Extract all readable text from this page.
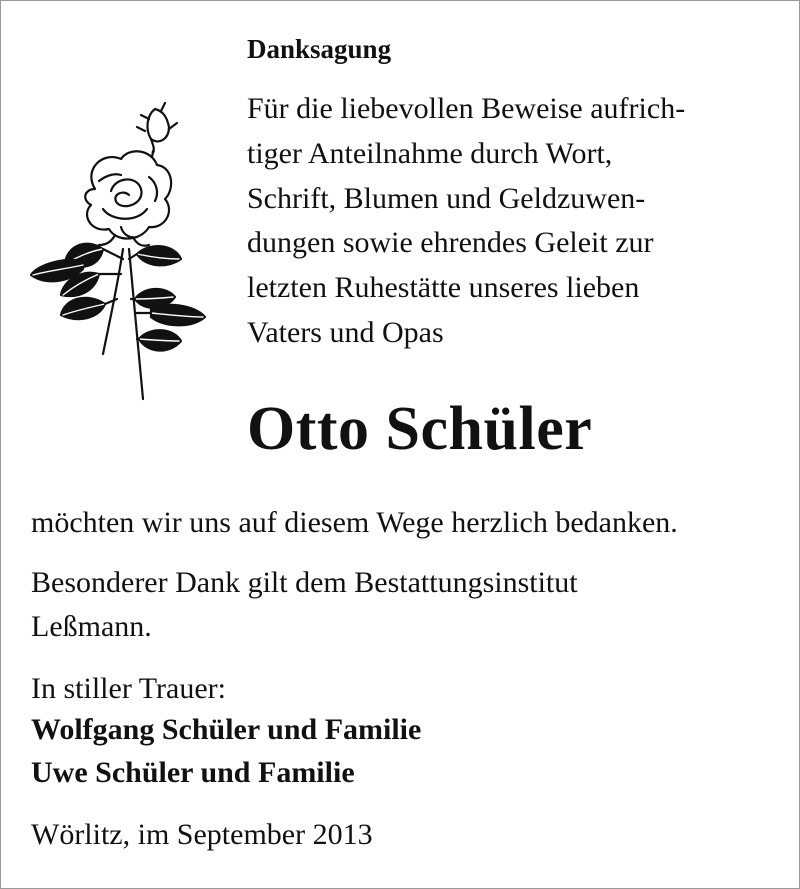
Danksagung

Für die liebevollen Beweise aufrich-
tiger Anteilnahme durch Wort,
Schrift, Blumen und Geldzuwen-
dungen sowie ehrendes Geleit zur
letzten Ruhestätte unseres lieben
Vaters und Opas

Otto Schüler

möchten wir uns auf diesem Wege herzlich bedanken.

Besonderer Dank gilt dem Bestattungsinstitut
Leßmann.

In stiller Trauer:

Wolfgang Schüler und Familie

Uwe Schüler und Familie

Wörlitz, im September 2013
